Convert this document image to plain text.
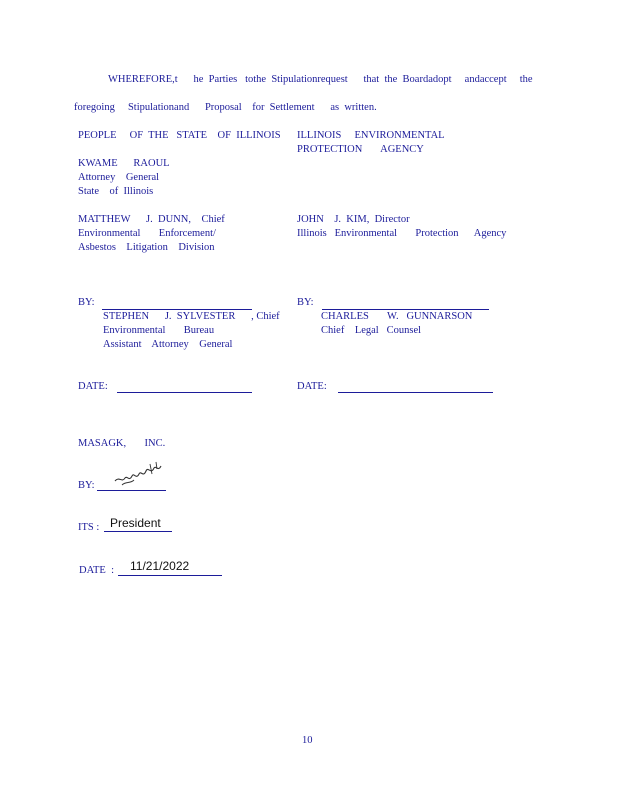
WHEREFORE,t      he  Parties   tothe  Stipulationrequest      that  the  Boardadopt     andaccept     the
foregoing     Stipulationand      Proposal    for  Settlement      as  written.
PEOPLE     OF  THE   STATE    OF  ILLINOIS
KWAME      RAOUL
Attorney    General
State    of  Illinois
MATTHEW      J.  DUNN,    Chief
Environmental       Enforcement/
Asbestos    Litigation    Division
BY:
STEPHEN      J.  SYLVESTER      , Chief
Environmental       Bureau
Assistant    Attorney    General
DATE:
ILLINOIS     ENVIRONMENTAL
PROTECTION       AGENCY
JOHN    J.  KIM,  Director
Illinois   Environmental       Protection      Agency
BY:
CHARLES       W.   GUNNARSON
Chief    Legal   Counsel
DATE:
MASAGK,       INC.
BY:
ITS : President
DATE  : 11/21/2022
10
